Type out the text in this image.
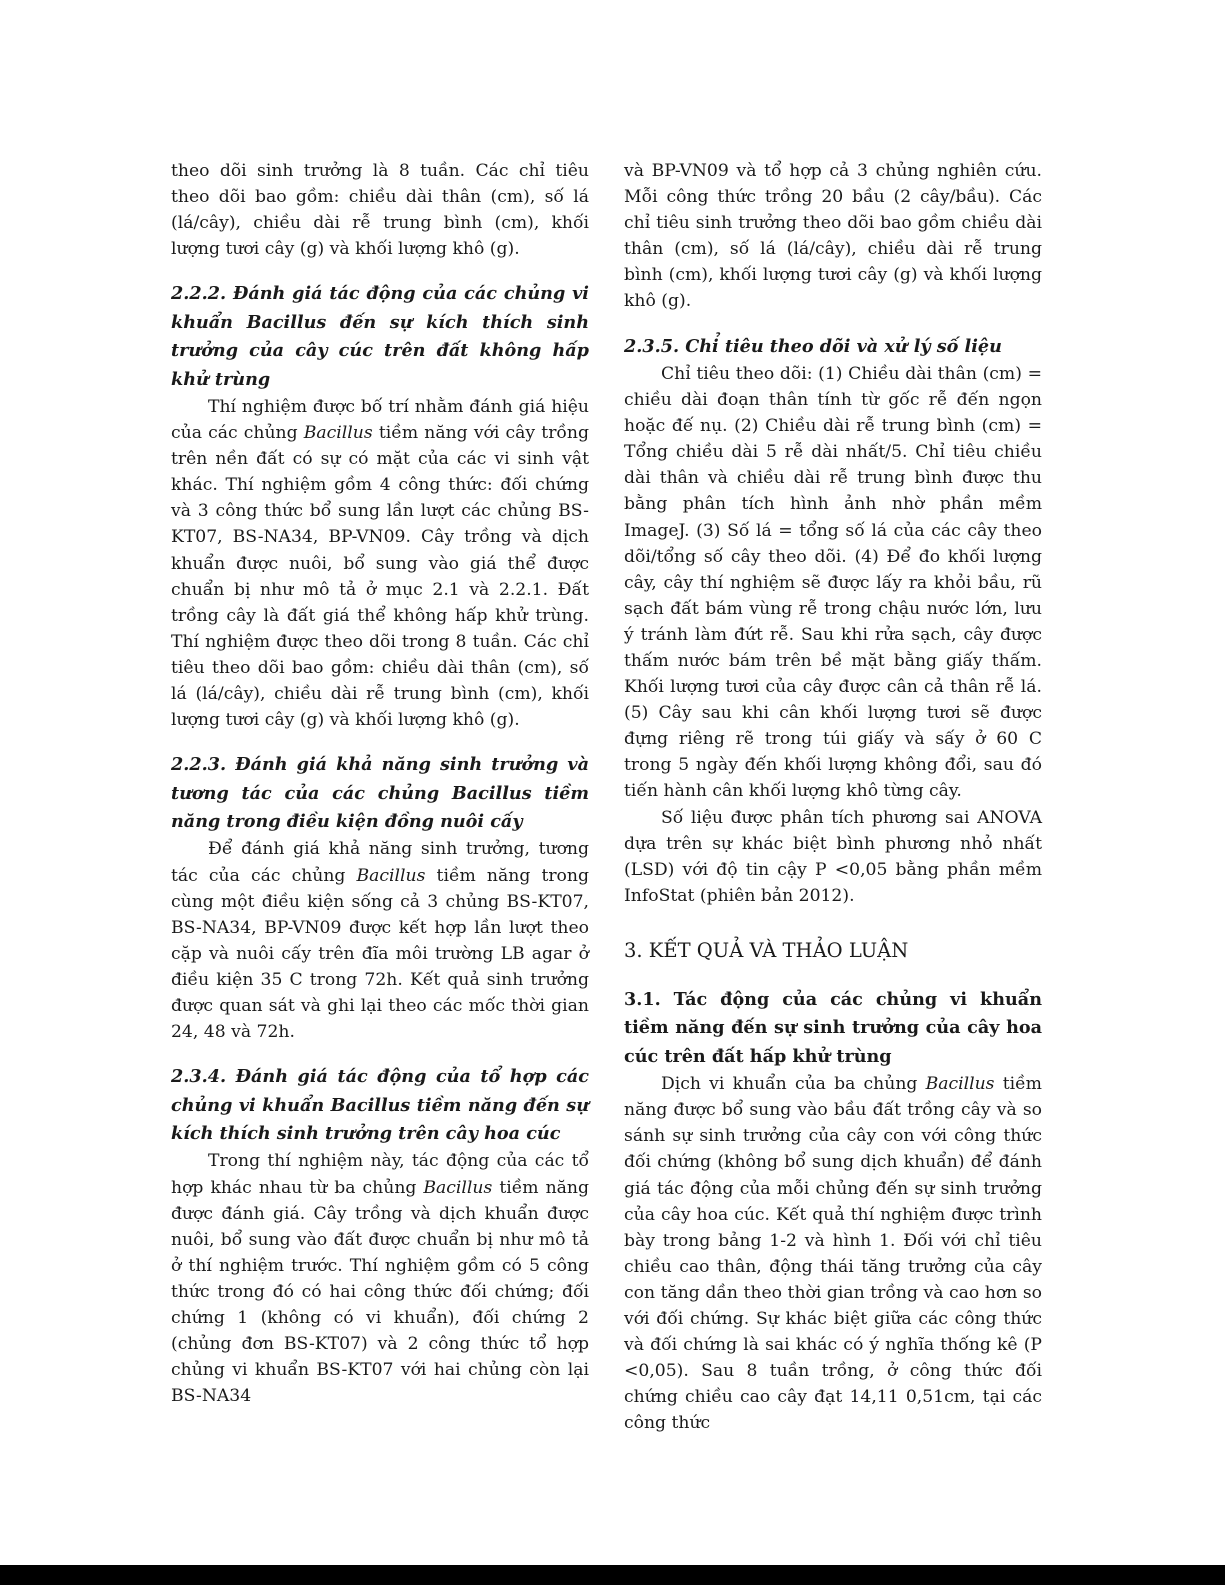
theo dõi sinh trưởng là 8 tuần. Các chỉ tiêu theo dõi bao gồm: chiều dài thân (cm), số lá (lá/cây), chiều dài rễ trung bình (cm), khối lượng tươi cây (g) và khối lượng khô (g).

2.2.2. Đánh giá tác động của các chủng vi khuẩn Bacillus đến sự kích thích sinh trưởng của cây cúc trên đất không hấp khử trùng

Thí nghiệm được bố trí nhằm đánh giá hiệu của các chủng Bacillus tiềm năng với cây trồng trên nền đất có sự có mặt của các vi sinh vật khác. Thí nghiệm gồm 4 công thức: đối chứng và 3 công thức bổ sung lần lượt các chủng BS-KT07, BS-NA34, BP-VN09. Cây trồng và dịch khuẩn được nuôi, bổ sung vào giá thể được chuẩn bị như mô tả ở mục 2.1 và 2.2.1. Đất trồng cây là đất giá thể không hấp khử trùng. Thí nghiệm được theo dõi trong 8 tuần. Các chỉ tiêu theo dõi bao gồm: chiều dài thân (cm), số lá (lá/cây), chiều dài rễ trung bình (cm), khối lượng tươi cây (g) và khối lượng khô (g).

2.2.3. Đánh giá khả năng sinh trưởng và tương tác của các chủng Bacillus tiềm năng trong điều kiện đồng nuôi cấy

Để đánh giá khả năng sinh trưởng, tương tác của các chủng Bacillus tiềm năng trong cùng một điều kiện sống cả 3 chủng BS-KT07, BS-NA34, BP-VN09 được kết hợp lần lượt theo cặp và nuôi cấy trên đĩa môi trường LB agar ở điều kiện 35 C trong 72h. Kết quả sinh trưởng được quan sát và ghi lại theo các mốc thời gian 24, 48 và 72h.

2.3.4. Đánh giá tác động của tổ hợp các chủng vi khuẩn Bacillus tiềm năng đến sự kích thích sinh trưởng trên cây hoa cúc

Trong thí nghiệm này, tác động của các tổ hợp khác nhau từ ba chủng Bacillus tiềm năng được đánh giá. Cây trồng và dịch khuẩn được nuôi, bổ sung vào đất được chuẩn bị như mô tả ở thí nghiệm trước. Thí nghiệm gồm có 5 công thức trong đó có hai công thức đối chứng; đối chứng 1 (không có vi khuẩn), đối chứng 2 (chủng đơn BS-KT07) và 2 công thức tổ hợp chủng vi khuẩn BS-KT07 với hai chủng còn lại BS-NA34

và BP-VN09 và tổ hợp cả 3 chủng nghiên cứu. Mỗi công thức trồng 20 bầu (2 cây/bầu). Các chỉ tiêu sinh trưởng theo dõi bao gồm chiều dài thân (cm), số lá (lá/cây), chiều dài rễ trung bình (cm), khối lượng tươi cây (g) và khối lượng khô (g).

2.3.5. Chỉ tiêu theo dõi và xử lý số liệu

Chỉ tiêu theo dõi: (1) Chiều dài thân (cm) = chiều dài đoạn thân tính từ gốc rễ đến ngọn hoặc đế nụ. (2) Chiều dài rễ trung bình (cm) = Tổng chiều dài 5 rễ dài nhất/5. Chỉ tiêu chiều dài thân và chiều dài rễ trung bình được thu bằng phân tích hình ảnh nhờ phần mềm ImageJ. (3) Số lá = tổng số lá của các cây theo dõi/tổng số cây theo dõi. (4) Để đo khối lượng cây, cây thí nghiệm sẽ được lấy ra khỏi bầu, rũ sạch đất bám vùng rễ trong chậu nước lớn, lưu ý tránh làm đứt rễ. Sau khi rửa sạch, cây được thấm nước bám trên bề mặt bằng giấy thấm. Khối lượng tươi của cây được cân cả thân rễ lá. (5) Cây sau khi cân khối lượng tươi sẽ được đựng riêng rẽ trong túi giấy và sấy ở 60 C trong 5 ngày đến khối lượng không đổi, sau đó tiến hành cân khối lượng khô từng cây.

Số liệu được phân tích phương sai ANOVA dựa trên sự khác biệt bình phương nhỏ nhất (LSD) với độ tin cậy P <0,05 bằng phần mềm InfoStat (phiên bản 2012).

3. KẾT QUẢ VÀ THẢO LUẬN
3.1. Tác động của các chủng vi khuẩn tiềm năng đến sự sinh trưởng của cây hoa cúc trên đất hấp khử trùng

Dịch vi khuẩn của ba chủng Bacillus tiềm năng được bổ sung vào bầu đất trồng cây và so sánh sự sinh trưởng của cây con với công thức đối chứng (không bổ sung dịch khuẩn) để đánh giá tác động của mỗi chủng đến sự sinh trưởng của cây hoa cúc. Kết quả thí nghiệm được trình bày trong bảng 1-2 và hình 1. Đối với chỉ tiêu chiều cao thân, động thái tăng trưởng của cây con tăng dần theo thời gian trồng và cao hơn so với đối chứng. Sự khác biệt giữa các công thức và đối chứng là sai khác có ý nghĩa thống kê (P <0,05). Sau 8 tuần trồng, ở công thức đối chứng chiều cao cây đạt 14,11 0,51cm, tại các công thức
